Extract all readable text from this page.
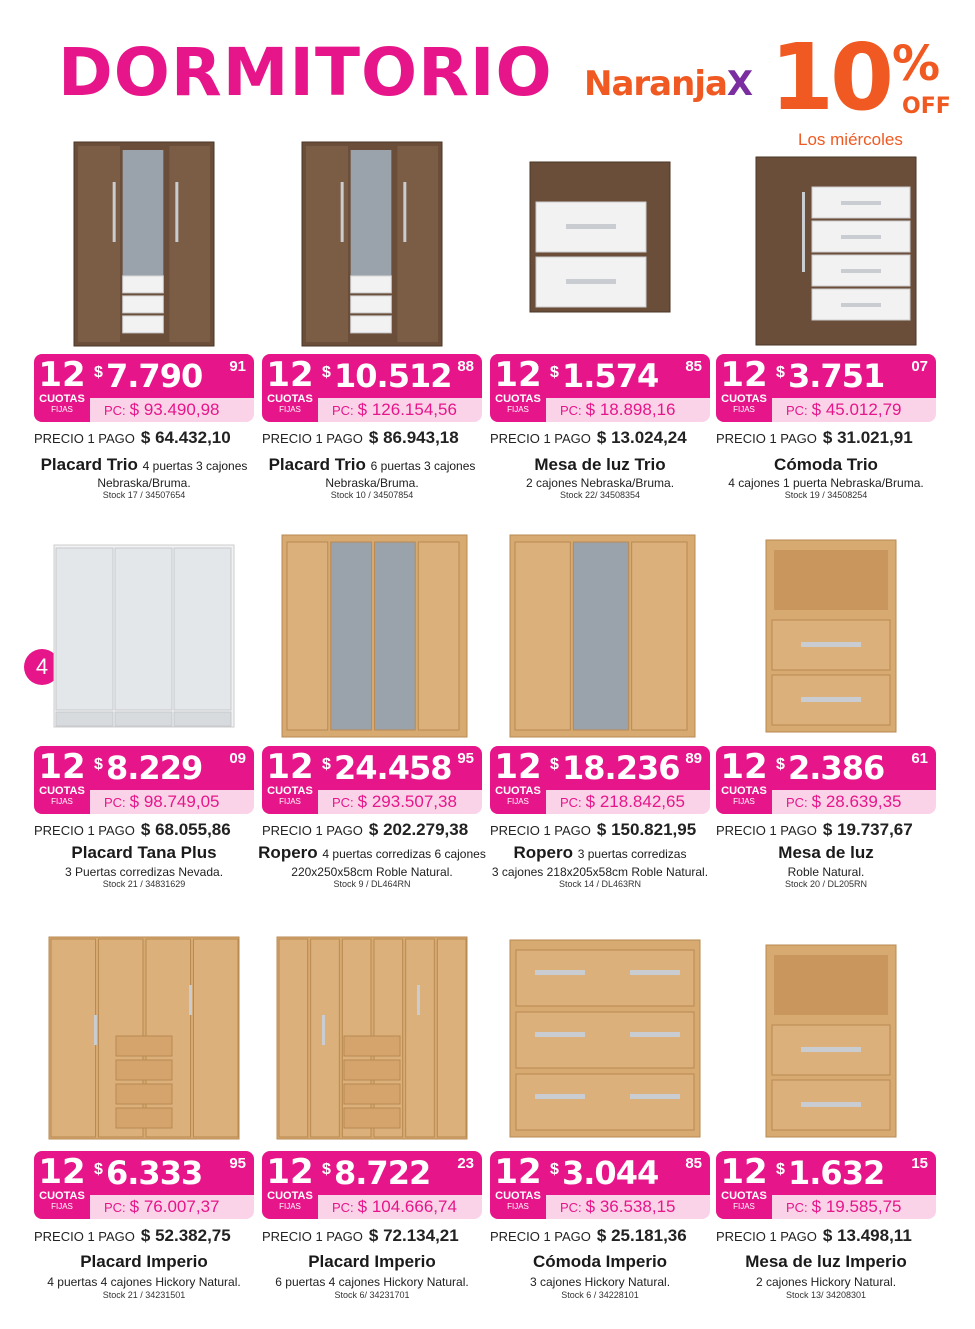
DORMITORIO NaranjaX 10 %
OFF
Los miércoles
4
12
CUOTAS
FIJAS
$ 7.790 91
PC: $ 93.490,98
PRECIO 1 PAGO $ 64.432,10
Placard Trio 4 puertas 3 cajones
Nebraska/Bruma.
Stock 17 / 34507654
12
CUOTAS
FIJAS
$ 10.512 88
PC: $ 126.154,56
PRECIO 1 PAGO $ 86.943,18
Placard Trio 6 puertas 3 cajones
Nebraska/Bruma.
Stock 10 / 34507854
12
CUOTAS
FIJAS
$ 1.574 85
PC: $ 18.898,16
PRECIO 1 PAGO $ 13.024,24
Mesa de luz Trio
2 cajones Nebraska/Bruma.
Stock 22/ 34508354
12
CUOTAS
FIJAS
$ 3.751 07
PC: $ 45.012,79
PRECIO 1 PAGO $ 31.021,91
Cómoda Trio
4 cajones 1 puerta Nebraska/Bruma.
Stock 19 / 34508254
12
CUOTAS
FIJAS
$ 8.229 09
PC: $ 98.749,05
PRECIO 1 PAGO $ 68.055,86
Placard Tana Plus
3 Puertas corredizas Nevada.
Stock 21 / 34831629
12
CUOTAS
FIJAS
$ 24.458 95
PC: $ 293.507,38
PRECIO 1 PAGO $ 202.279,38
Ropero 4 puertas corredizas 6 cajones
220x250x58cm Roble Natural.
Stock 9 / DL464RN
12
CUOTAS
FIJAS
$ 18.236 89
PC: $ 218.842,65
PRECIO 1 PAGO $ 150.821,95
Ropero 3 puertas corredizas
3 cajones 218x205x58cm Roble Natural.
Stock 14 / DL463RN
12
CUOTAS
FIJAS
$ 2.386 61
PC: $ 28.639,35
PRECIO 1 PAGO $ 19.737,67
Mesa de luz
Roble Natural.
Stock 20 / DL205RN
12
CUOTAS
FIJAS
$ 6.333 95
PC: $ 76.007,37
PRECIO 1 PAGO $ 52.382,75
Placard Imperio
4 puertas 4 cajones Hickory Natural.
Stock 21 / 34231501
12
CUOTAS
FIJAS
$ 8.722 23
PC: $ 104.666,74
PRECIO 1 PAGO $ 72.134,21
Placard Imperio
6 puertas 4 cajones Hickory Natural.
Stock 6/ 34231701
12
CUOTAS
FIJAS
$ 3.044 85
PC: $ 36.538,15
PRECIO 1 PAGO $ 25.181,36
Cómoda Imperio
3 cajones Hickory Natural.
Stock 6 / 34228101
12
CUOTAS
FIJAS
$ 1.632 15
PC: $ 19.585,75
PRECIO 1 PAGO $ 13.498,11
Mesa de luz Imperio
2 cajones Hickory Natural.
Stock 13/ 34208301
